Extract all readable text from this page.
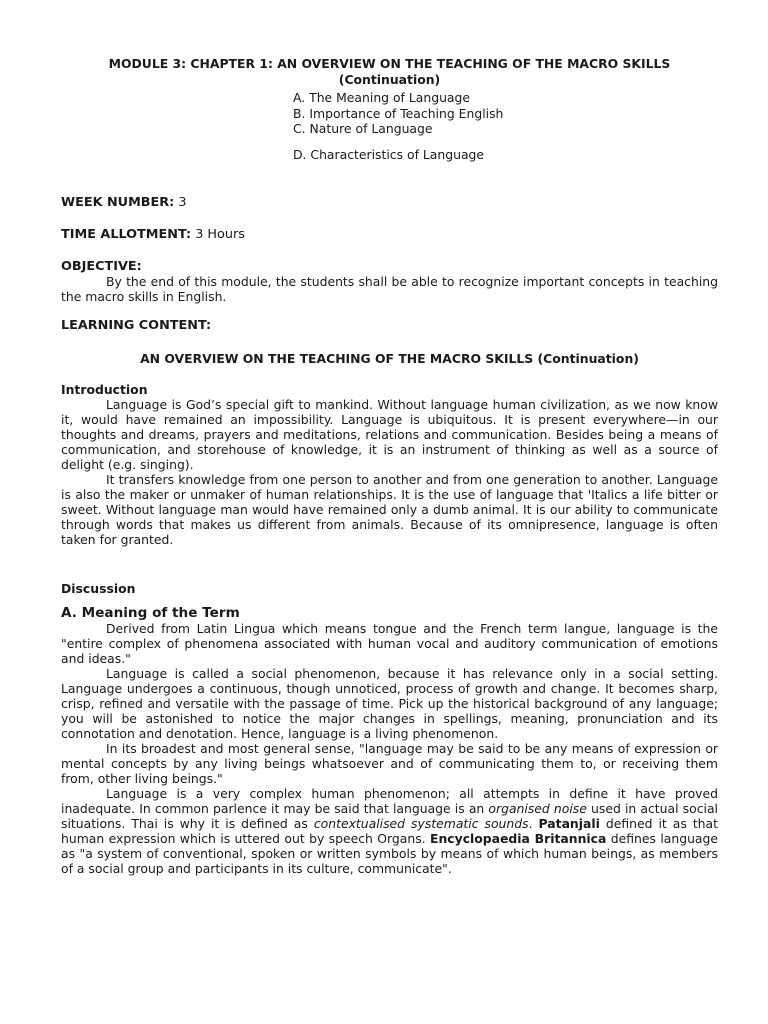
MODULE 3: CHAPTER 1: AN OVERVIEW ON THE TEACHING OF THE MACRO SKILLS
(Continuation)
A. The Meaning of Language
B. Importance of Teaching English
C. Nature of Language
D. Characteristics of Language
WEEK NUMBER: 3
TIME ALLOTMENT: 3 Hours
OBJECTIVE:

By the end of this module, the students shall be able to recognize important concepts in teaching the macro skills in English.

LEARNING CONTENT:
AN OVERVIEW ON THE TEACHING OF THE MACRO SKILLS (Continuation)
Introduction

Language is God’s special gift to mankind. Without language human civilization, as we now know it, would have remained an impossibility. Language is ubiquitous. It is present everywhere—in our thoughts and dreams, prayers and meditations, relations and communication. Besides being a means of communication, and storehouse of knowledge, it is an instrument of thinking as well as a source of delight (e.g. singing).

It transfers knowledge from one person to another and from one generation to another. Language is also the maker or unmaker of human relationships. It is the use of language that 'Italics a life bitter or sweet. Without language man would have remained only a dumb animal. It is our ability to communicate through words that makes us different from animals. Because of its omnipresence, language is often taken for granted.

Discussion
A. Meaning of the Term

Derived from Latin Lingua which means tongue and the French term langue, language is the "entire complex of phenomena associated with human vocal and auditory communication of emotions and ideas."

Language is called a social phenomenon, because it has relevance only in a social setting. Language undergoes a continuous, though unnoticed, process of growth and change. It becomes sharp, crisp, refined and versatile with the passage of time. Pick up the historical background of any language; you will be astonished to notice the major changes in spellings, meaning, pronunciation and its connotation and denotation. Hence, language is a living phenomenon.

In its broadest and most general sense, "language may be said to be any means of expression or mental concepts by any living beings whatsoever and of communicating them to, or receiving them from, other living beings."

Language is a very complex human phenomenon; all attempts in define it have proved inadequate. In common parlence it may be said that language is an organised noise used in actual social situations. Thai is why it is defined as contextualised systematic sounds. Patanjali defined it as that human expression which is uttered out by speech Organs. Encyclopaedia Britannica defines language as "a system of conventional, spoken or written symbols by means of which human beings, as members of a social group and participants in its culture, communicate".
